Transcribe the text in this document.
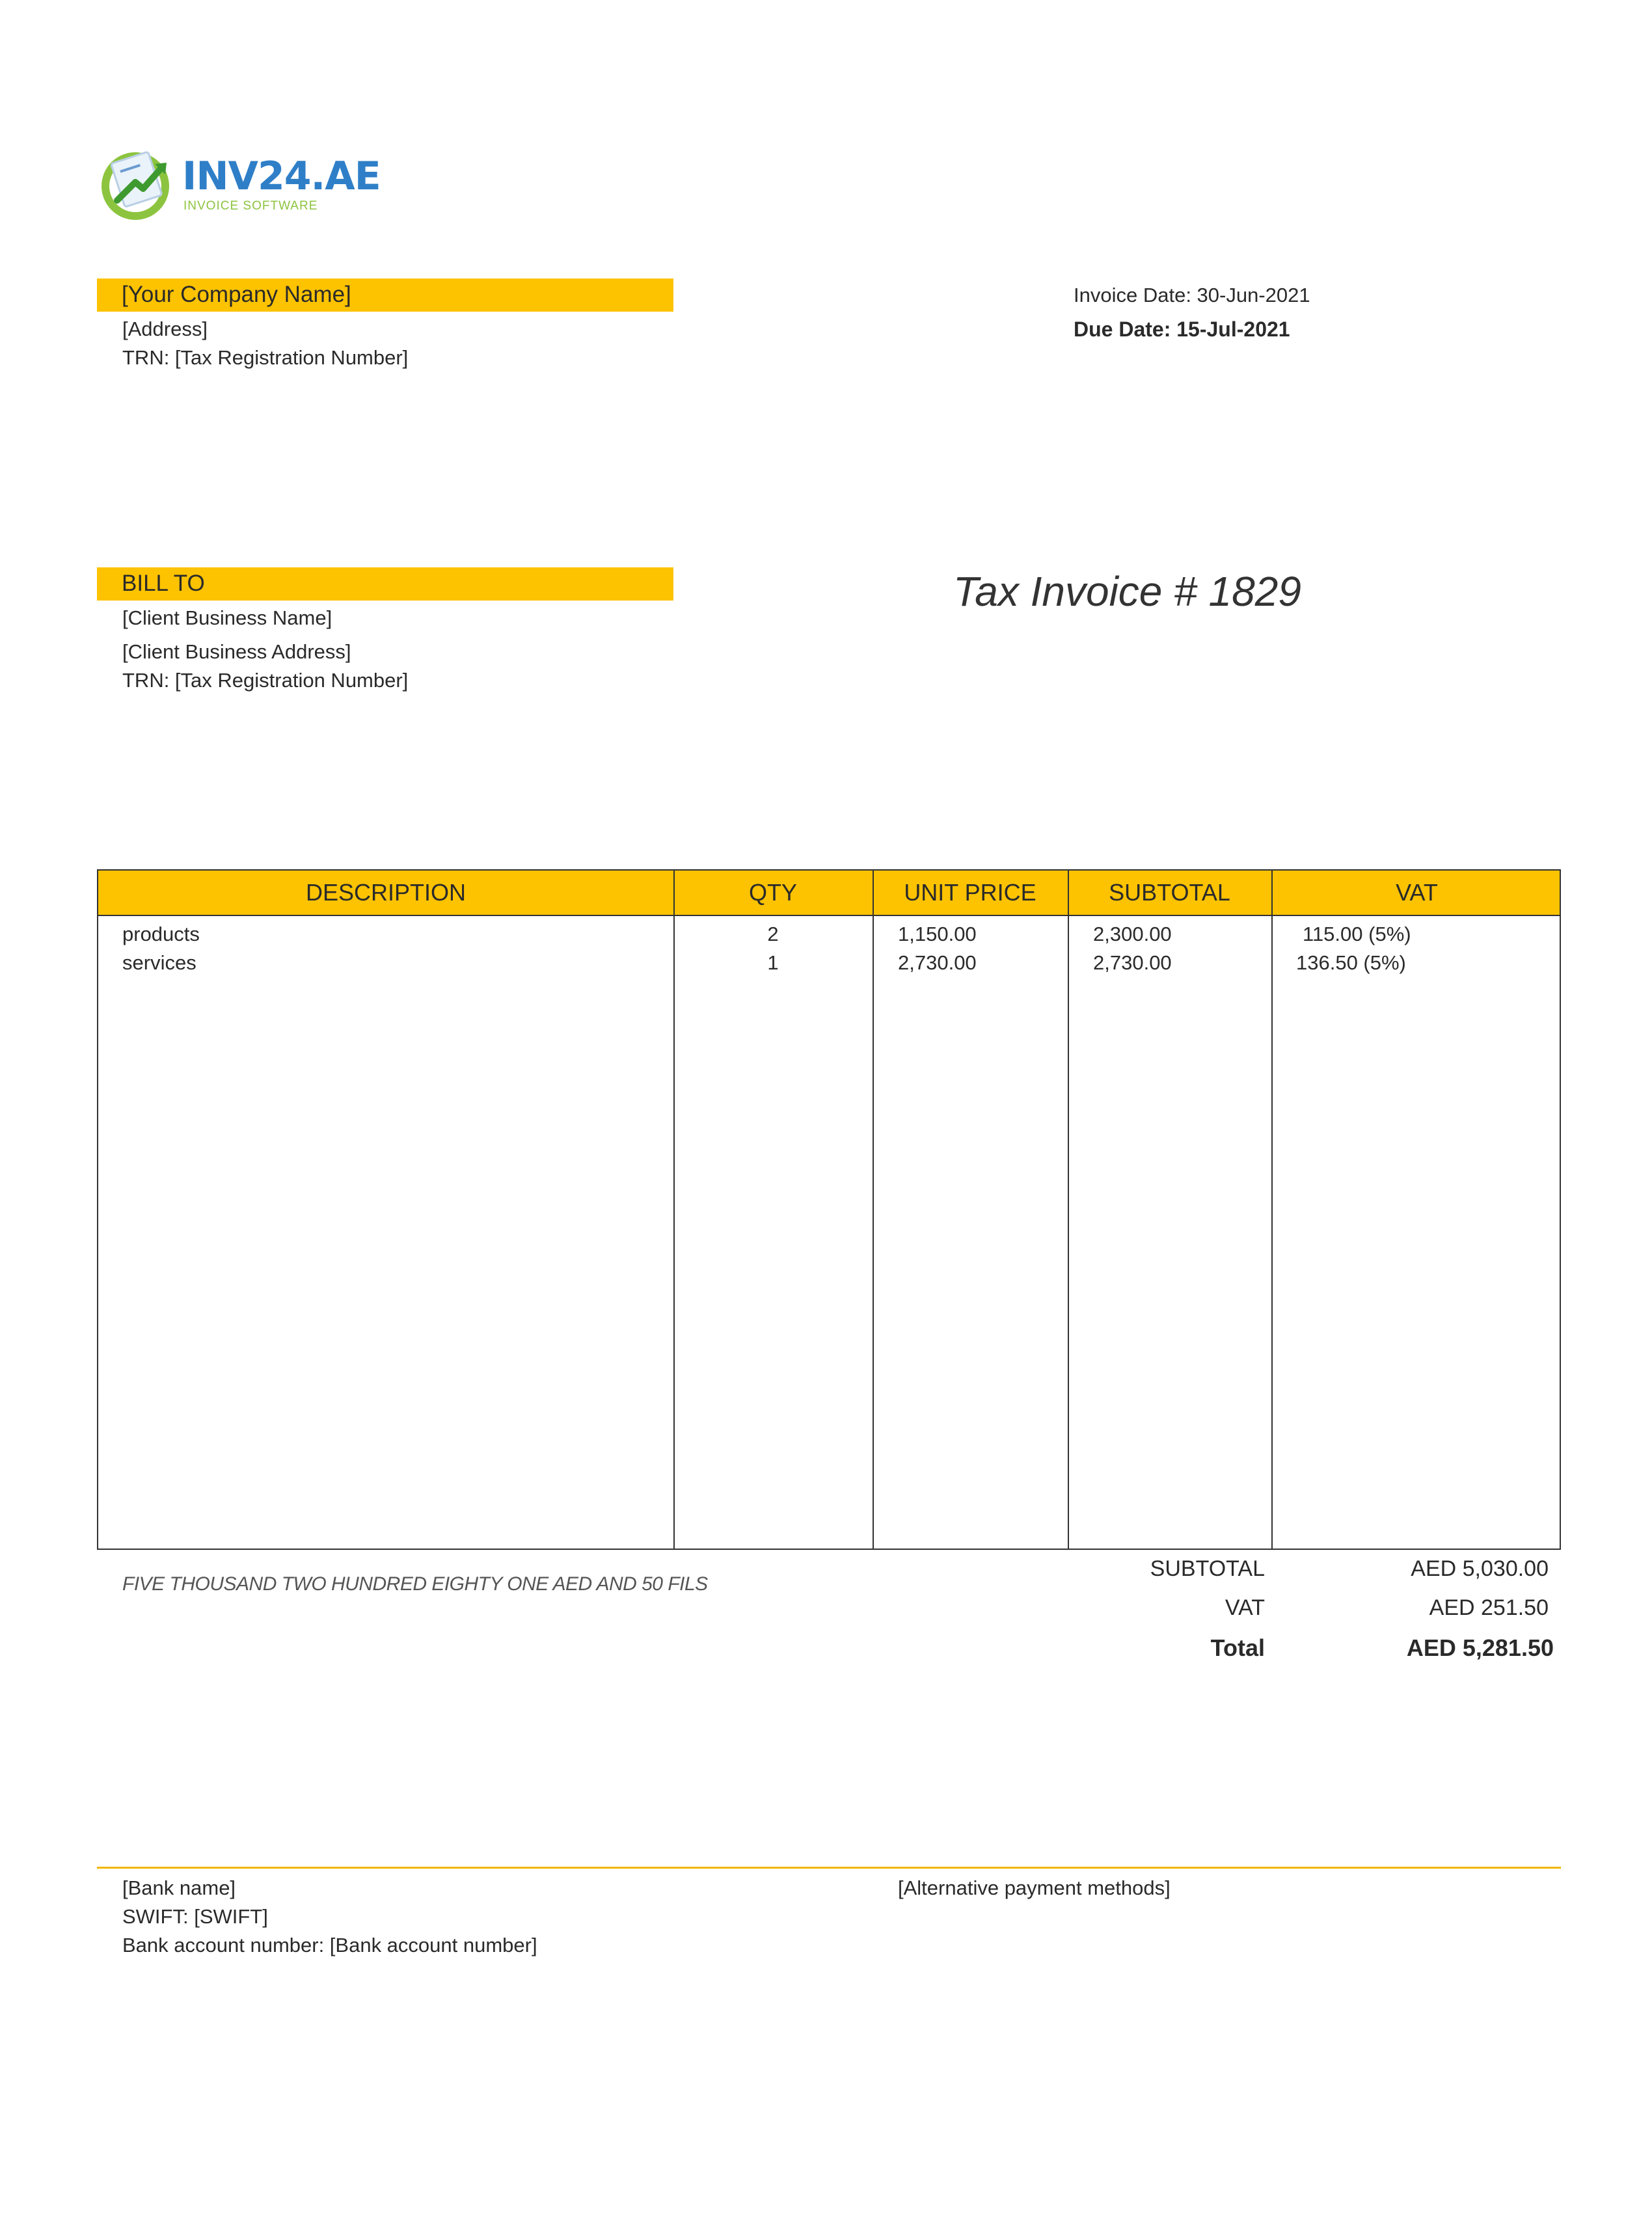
INV24.AE
INVOICE SOFTWARE
[Your Company Name]
[Address]
TRN: [Tax Registration Number]
Invoice Date: 30-Jun-2021
Due Date: 15-Jul-2021
BILL TO
[Client Business Name]
[Client Business Address]
TRN: [Tax Registration Number]
Tax Invoice # 1829
DESCRIPTION	QTY	UNIT PRICE	SUBTOTAL	VAT
products	2	1,150.00	2,300.00	115.00 (5%)
services	1	2,730.00	2,730.00	136.50 (5%)
FIVE THOUSAND TWO HUNDRED EIGHTY ONE AED AND 50 FILS
SUBTOTAL	AED 5,030.00
VAT	AED 251.50
Total	AED 5,281.50
[Bank name]
SWIFT: [SWIFT]
Bank account number: [Bank account number]
[Alternative payment methods]
